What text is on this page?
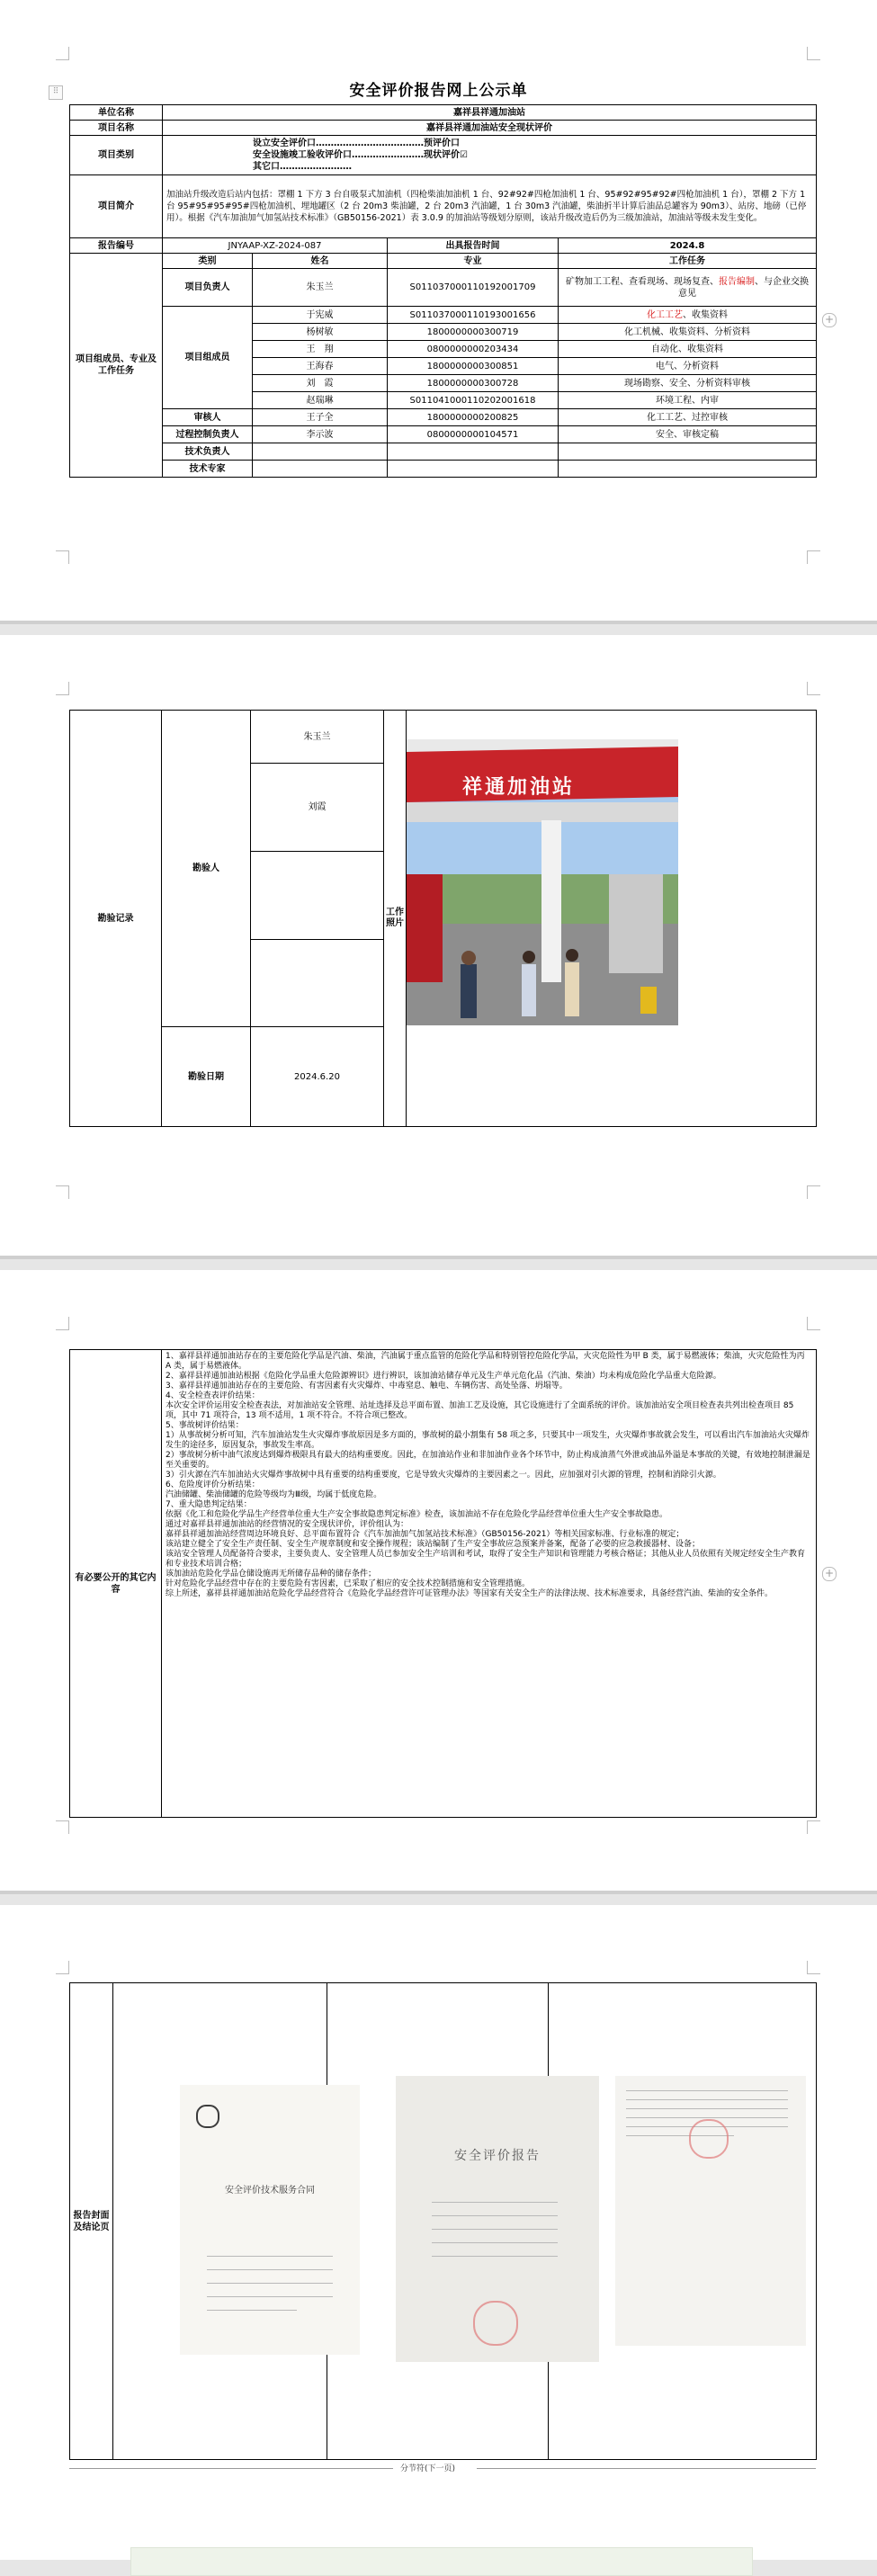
⠿
+
安全评价报告网上公示单
单位名称	嘉祥县祥通加油站			
项目名称	嘉祥县祥通加油站安全现状评价			
项目类别	设立安全评价口………………………………预评价口
安全设施竣工验收评价口……………………现状评价☑
其它口……………………			

项目简介	加油站升级改造后站内包括：罩棚 1 下方 3 台自吸泵式加油机（四枪柴油加油机 1 台、92#92#四枪加油机 1 台、95#92#95#92#四枪加油机 1 台），罩棚 2 下方 1 台 95#95#95#95#四枪加油机、埋地罐区（2 台 20m3 柴油罐，2 台 20m3 汽油罐，1 台 30m3 汽油罐，柴油折半计算后油品总罐容为 90m3）、站房、地磅（已停用）。根据《汽车加油加气加氢站技术标准》（GB50156-2021）表 3.0.9 的加油站等级划分原则，该站升级改造后仍为三级加油站，加油站等级未发生变化。			
报告编号	JNYAAP-XZ-2024-087		出具报告时间	2024.8
项目组成员、专业及工作任务	类别	姓名	专业	工作任务
	项目负责人	朱玉兰	S011037000110192001709	矿物加工工程、查看现场、现场复查、报告编制、与企业交换意见
	项目组成员	于宪威	S011037000110193001656	化工工艺、收集资料
		杨树敏	1800000000300719	化工机械、收集资料、分析资料
		王　翔	0800000000203434	自动化、收集资料
		王海春	1800000000300851	电气、分析资料
		刘　霞	1800000000300728	现场勘察、安全、分析资料审核
		赵瑞琳	S011041000110202001618	环境工程、内审
	审核人	王子全	1800000000200825	化工工艺、过控审核
	过程控制负责人	李示波	0800000000104571	安全、审核定稿
	技术负责人			
	技术专家			
勘验记录	勘验人	朱玉兰	工作照片	
		刘霞		

	勘验日期	2024.6.20		
祥通加油站
+
有必要公开的其它内容	
1、嘉祥县祥通加油站存在的主要危险化学品是汽油、柴油，汽油属于重点监管的危险化学品和特别管控危险化学品，火灾危险性为甲 B 类，属于易燃液体；柴油，火灾危险性为丙 A 类，属于易燃液体。
2、嘉祥县祥通加油站根据《危险化学品重大危险源辨识》进行辨识，该加油站储存单元及生产单元危化品（汽油、柴油）均未构成危险化学品重大危险源。
3、嘉祥县祥通加油站存在的主要危险、有害因素有火灾爆炸、中毒窒息、触电、车辆伤害、高处坠落、坍塌等。
4、安全检查表评价结果：
本次安全评价运用安全检查表法，对加油站安全管理、站址选择及总平面布置、加油工艺及设施，其它设施进行了全面系统的评价。该加油站安全项目检查表共列出检查项目 85 项，其中 71 项符合，13 项不适用，1 项不符合。不符合项已整改。
5、事故树评价结果：
1）从事故树分析可知，汽车加油站发生火灾爆炸事故原因是多方面的，事故树的最小割集有 58 项之多，只要其中一项发生，火灾爆炸事故就会发生，可以看出汽车加油站火灾爆炸发生的途径多，原因复杂，事故发生率高。
2）事故树分析中油气浓度达到爆炸极限具有最大的结构重要度。因此，在加油站作业和非加油作业各个环节中，防止构成油蒸气外泄或油品外溢是本事故的关键，有效地控制泄漏是至关重要的。
3）引火源在汽车加油站火灾爆炸事故树中具有重要的结构重要度，它是导致火灾爆炸的主要因素之一。因此，应加强对引火源的管理，控制和消除引火源。
6、危险度评价分析结果：
汽油储罐、柴油储罐的危险等级均为Ⅲ级，均属于低度危险。
7、重大隐患判定结果：
依据《化工和危险化学品生产经营单位重大生产安全事故隐患判定标准》检查，该加油站不存在危险化学品经营单位重大生产安全事故隐患。
通过对嘉祥县祥通加油站的经营情况的安全现状评价，评价组认为：
嘉祥县祥通加油站经营周边环境良好、总平面布置符合《汽车加油加气加氢站技术标准》（GB50156-2021）等相关国家标准、行业标准的规定；
该站建立健全了安全生产责任制、安全生产规章制度和安全操作规程；该站编制了生产安全事故应急预案并备案，配备了必要的应急救援器材、设备；
该站安全管理人员配备符合要求，主要负责人、安全管理人员已参加安全生产培训和考试，取得了安全生产知识和管理能力考核合格证；其他从业人员依照有关规定经安全生产教育和专业技术培训合格；
该加油站危险化学品仓储设施再无所储存品种的储存条件；
针对危险化学品经营中存在的主要危险有害因素，已采取了相应的安全技术控制措施和安全管理措施。
综上所述，嘉祥县祥通加油站危险化学品经营符合《危险化学品经营许可证管理办法》等国家有关安全生产的法律法规、技术标准要求，具备经营汽油、柴油的安全条件。
报告封面及结论页			
安全评价技术服务合同
安全评价报告
分节符(下一页)
